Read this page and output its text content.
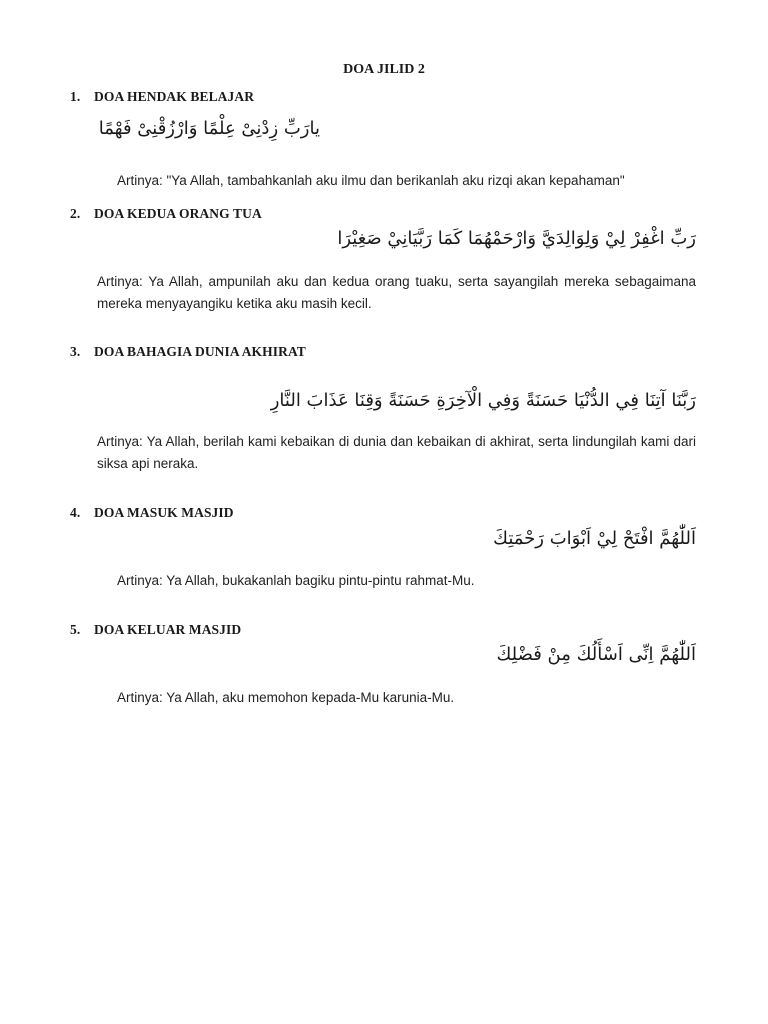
DOA JILID 2
1. DOA HENDAK BELAJAR
يارَبِّ زِدْنِىْ عِلْمًا وَارْزُقْنِىْ فَهْمًا
Artinya: "Ya Allah, tambahkanlah aku ilmu dan berikanlah aku rizqi akan kepahaman"
2. DOA KEDUA ORANG TUA
رَبِّ اغْفِرْ لِيْ وَلِوَالِدَيَّ وَارْحَمْهُمَا كَمَا رَبَّيَانِيْ صَغِيْرَا
Artinya: Ya Allah, ampunilah aku dan kedua orang tuaku, serta sayangilah mereka sebagaimana mereka menyayangiku ketika aku masih kecil.
3. DOA BAHAGIA DUNIA AKHIRAT
رَبَّنَا آتِنَا فِي الدُّنْيَا حَسَنَةً وَفِي الْآخِرَةِ حَسَنَةً وَقِنَا عَذَابَ النَّارِ
Artinya: Ya Allah, berilah kami kebaikan di dunia dan kebaikan di akhirat, serta lindungilah kami dari siksa api neraka.
4. DOA MASUK MASJID
اَللّٰهُمَّ افْتَحْ لِيْ اَبْوَابَ رَحْمَتِكَ
Artinya: Ya Allah, bukakanlah bagiku pintu-pintu rahmat-Mu.
5. DOA KELUAR MASJID
اَللّٰهُمَّ اِنِّى اَسْأَلُكَ مِنْ فَضْلِكَ
Artinya: Ya Allah, aku memohon kepada-Mu karunia-Mu.
